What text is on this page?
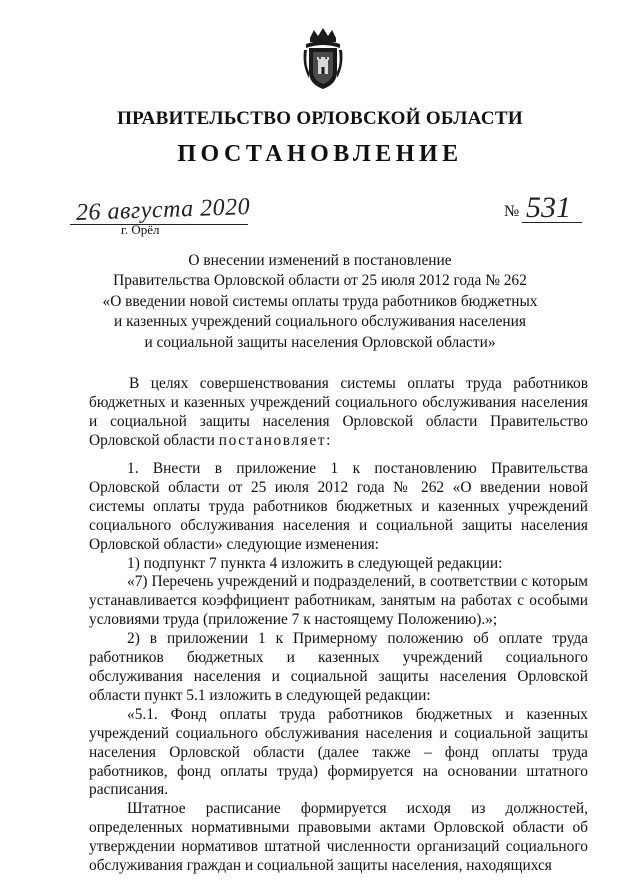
ПРАВИТЕЛЬСТВО ОРЛОВСКОЙ ОБЛАСТИ
ПОСТАНОВЛЕНИЕ
26 августа 2020
г. Орёл
№ 531
О внесении изменений в постановление
Правительства Орловской области от 25 июля 2012 года № 262
«О введении новой системы оплаты труда работников бюджетных
и казенных учреждений социального обслуживания населения
и социальной защиты населения Орловской области»

В целях совершенствования системы оплаты труда работников бюджетных и казенных учреждений социального обслуживания населения и социальной защиты населения Орловской области Правительство Орловской области постановляет:

1. Внести в приложение 1 к постановлению Правительства Орловской области от 25 июля 2012 года № 262 «О введении новой системы оплаты труда работников бюджетных и казенных учреждений социального обслуживания населения и социальной защиты населения Орловской области» следующие изменения:

1) подпункт 7 пункта 4 изложить в следующей редакции:

«7) Перечень учреждений и подразделений, в соответствии с которым устанавливается коэффициент работникам, занятым на работах с особыми условиями труда (приложение 7 к настоящему Положению).»;

2) в приложении 1 к Примерному положению об оплате труда работников бюджетных и казенных учреждений социального обслуживания населения и социальной защиты населения Орловской области пункт 5.1 изложить в следующей редакции:

«5.1. Фонд оплаты труда работников бюджетных и казенных учреждений социального обслуживания населения и социальной защиты населения Орловской области (далее также – фонд оплаты труда работников, фонд оплаты труда) формируется на основании штатного расписания.

Штатное расписание формируется исходя из должностей, определенных нормативными правовыми актами Орловской области об утверждении нормативов штатной численности организаций социального обслуживания граждан и социальной защиты населения, находящихся
